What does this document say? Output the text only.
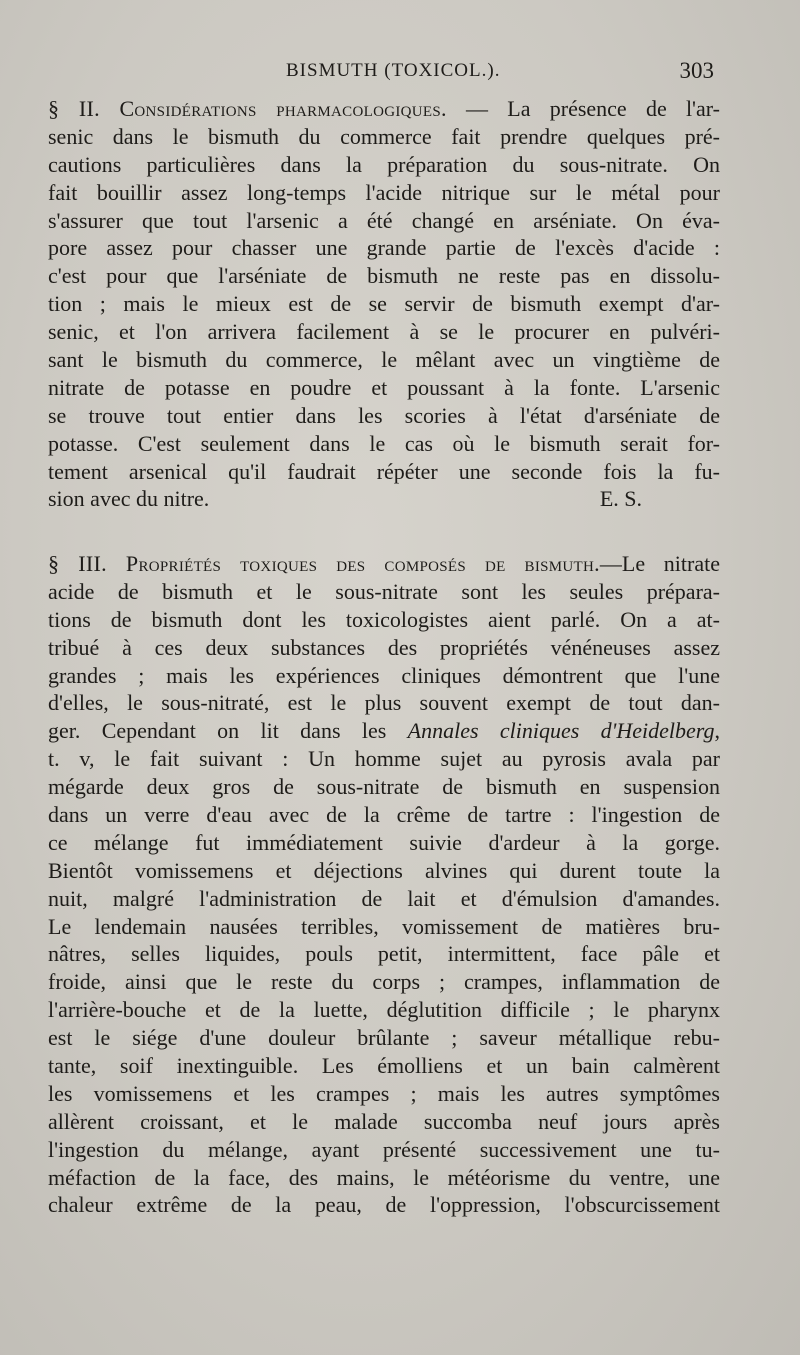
BISMUTH (TOXICOL.).	303
§ II. Considérations pharmacologiques. — La présence de l'ar-
senic dans le bismuth du commerce fait prendre quelques pré-
cautions particulières dans la préparation du sous-nitrate. On
fait bouillir assez long-temps l'acide nitrique sur le métal pour
s'assurer que tout l'arsenic a été changé en arséniate. On éva-
pore assez pour chasser une grande partie de l'excès d'acide :
c'est pour que l'arséniate de bismuth ne reste pas en dissolu-
tion ; mais le mieux est de se servir de bismuth exempt d'ar-
senic, et l'on arrivera facilement à se le procurer en pulvéri-
sant le bismuth du commerce, le mêlant avec un vingtième de
nitrate de potasse en poudre et poussant à la fonte. L'arsenic
se trouve tout entier dans les scories à l'état d'arséniate de
potasse. C'est seulement dans le cas où le bismuth serait for-
tement arsenical qu'il faudrait répéter une seconde fois la fu-
sion avec du nitre.	E. S.
§ III. Propriétés toxiques des composés de bismuth.—Le nitrate
acide de bismuth et le sous-nitrate sont les seules prépara-
tions de bismuth dont les toxicologistes aient parlé. On a at-
tribué à ces deux substances des propriétés vénéneuses assez
grandes ; mais les expériences cliniques démontrent que l'une
d'elles, le sous-nitraté, est le plus souvent exempt de tout dan-
ger. Cependant on lit dans les Annales cliniques d'Heidelberg,
t. v, le fait suivant : Un homme sujet au pyrosis avala par
mégarde deux gros de sous-nitrate de bismuth en suspension
dans un verre d'eau avec de la crême de tartre : l'ingestion de
ce mélange fut immédiatement suivie d'ardeur à la gorge.
Bientôt vomissemens et déjections alvines qui durent toute la
nuit, malgré l'administration de lait et d'émulsion d'amandes.
Le lendemain nausées terribles, vomissement de matières bru-
nâtres, selles liquides, pouls petit, intermittent, face pâle et
froide, ainsi que le reste du corps ; crampes, inflammation de
l'arrière-bouche et de la luette, déglutition difficile ; le pharynx
est le siége d'une douleur brûlante ; saveur métallique rebu-
tante, soif inextinguible. Les émolliens et un bain calmèrent
les vomissemens et les crampes ; mais les autres symptômes
allèrent croissant, et le malade succomba neuf jours après
l'ingestion du mélange, ayant présenté successivement une tu-
méfaction de la face, des mains, le météorisme du ventre, une
chaleur extrême de la peau, de l'oppression, l'obscurcissement
